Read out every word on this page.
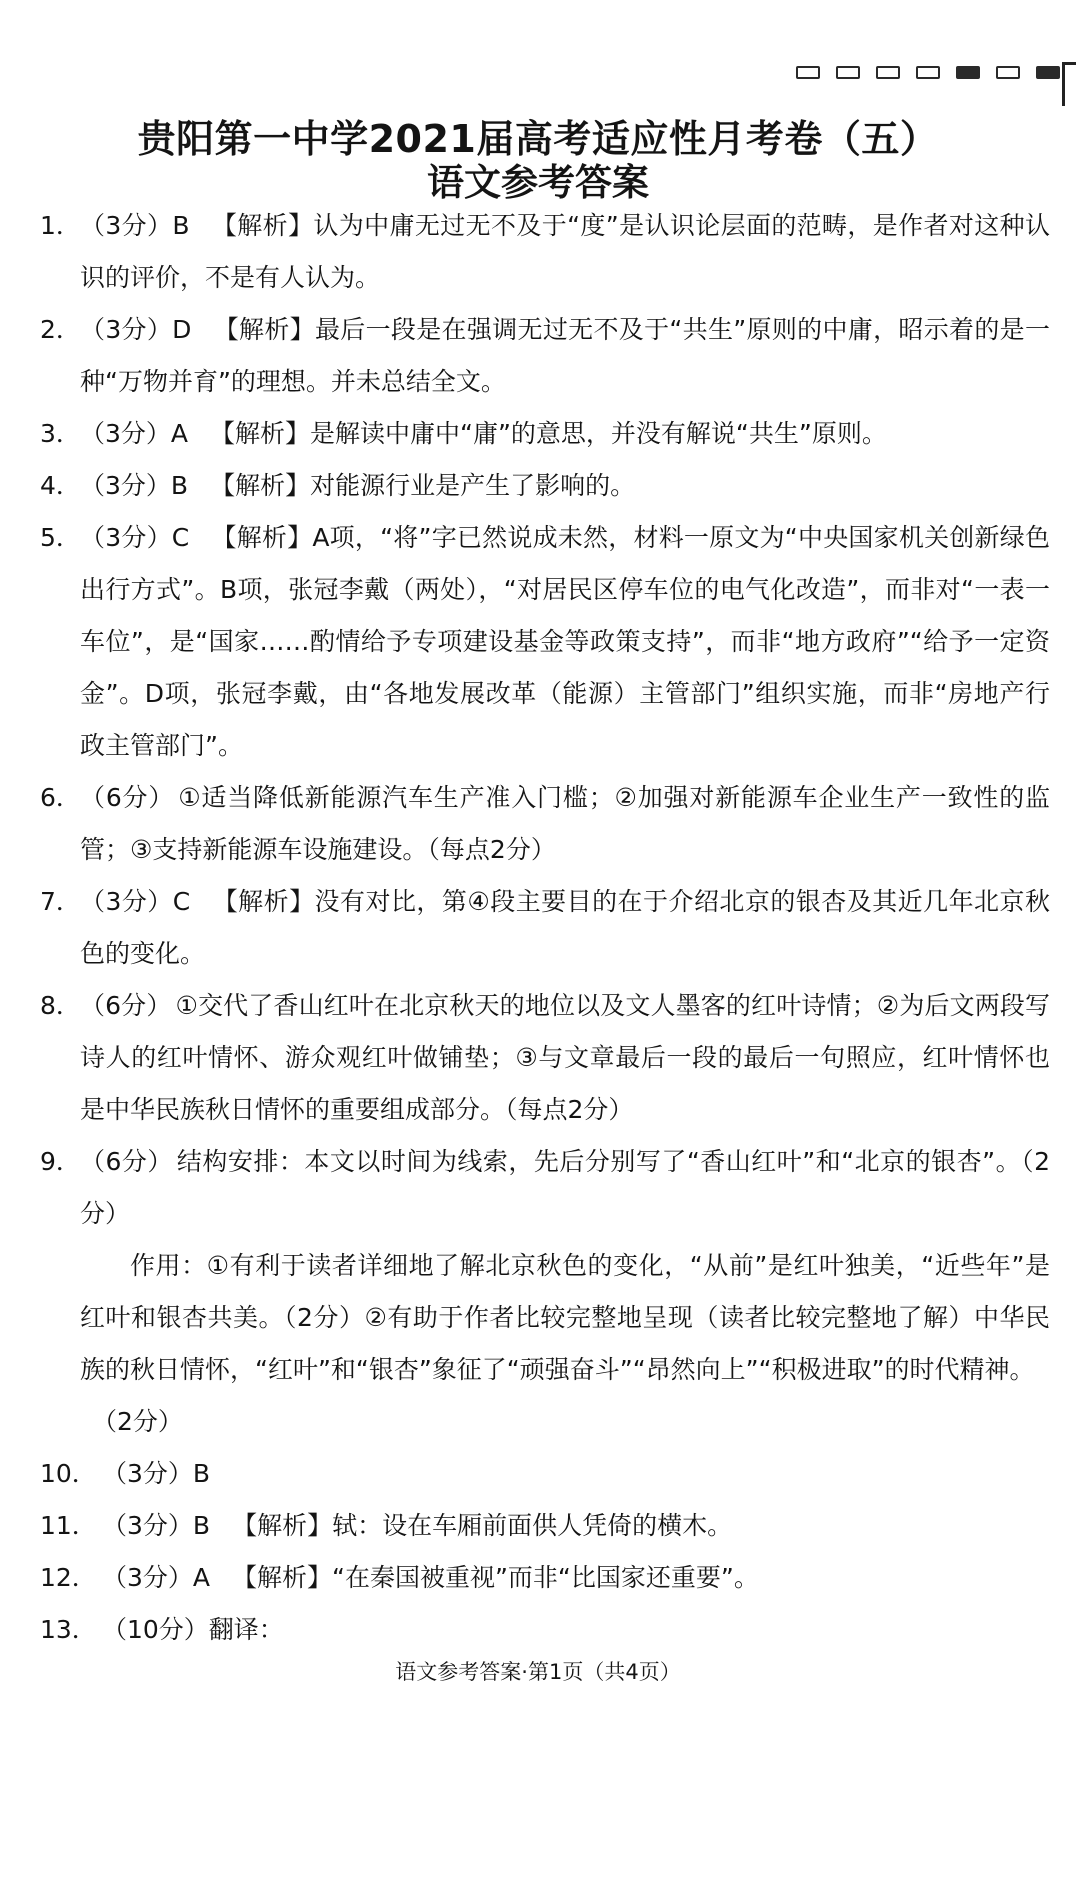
贵阳第一中学2021届高考适应性月考卷（五）
语文参考答案
1． （3分）B 【解析】认为中庸无过无不及于“度”是认识论层面的范畴，是作者对这种认识的评价，不是有人认为。
2． （3分）D 【解析】最后一段是在强调无过无不及于“共生”原则的中庸，昭示着的是一种“万物并育”的理想。并未总结全文。
3． （3分）A 【解析】是解读中庸中“庸”的意思，并没有解说“共生”原则。
4． （3分）B 【解析】对能源行业是产生了影响的。
5． （3分）C 【解析】A项，“将”字已然说成未然，材料一原文为“中央国家机关创新绿色出行方式”。B项，张冠李戴（两处），“对居民区停车位的电气化改造”，而非对“一表一车位”，是“国家……酌情给予专项建设基金等政策支持”，而非“地方政府”“给予一定资金”。D项，张冠李戴，由“各地发展改革（能源）主管部门”组织实施，而非“房地产行政主管部门”。
6． （6分） ①适当降低新能源汽车生产准入门槛；②加强对新能源车企业生产一致性的监管；③支持新能源车设施建设。（每点2分）
7． （3分）C 【解析】没有对比，第④段主要目的在于介绍北京的银杏及其近几年北京秋色的变化。
8． （6分） ①交代了香山红叶在北京秋天的地位以及文人墨客的红叶诗情；②为后文两段写诗人的红叶情怀、游众观红叶做铺垫；③与文章最后一段的最后一句照应，红叶情怀也是中华民族秋日情怀的重要组成部分。（每点2分）
9． （6分） 结构安排：本文以时间为线索，先后分别写了“香山红叶”和“北京的银杏”。（2分）
作用：①有利于读者详细地了解北京秋色的变化，“从前”是红叶独美，“近些年”是红叶和银杏共美。（2分）②有助于作者比较完整地呈现（读者比较完整地了解）中华民族的秋日情怀，“红叶”和“银杏”象征了“顽强奋斗”“昂然向上”“积极进取”的时代精神。
（2分）
10． （3分）B
11． （3分）B 【解析】轼：设在车厢前面供人凭倚的横木。
12． （3分）A 【解析】“在秦国被重视”而非“比国家还重要”。
13． （10分）翻译：
语文参考答案·第1页（共4页）
